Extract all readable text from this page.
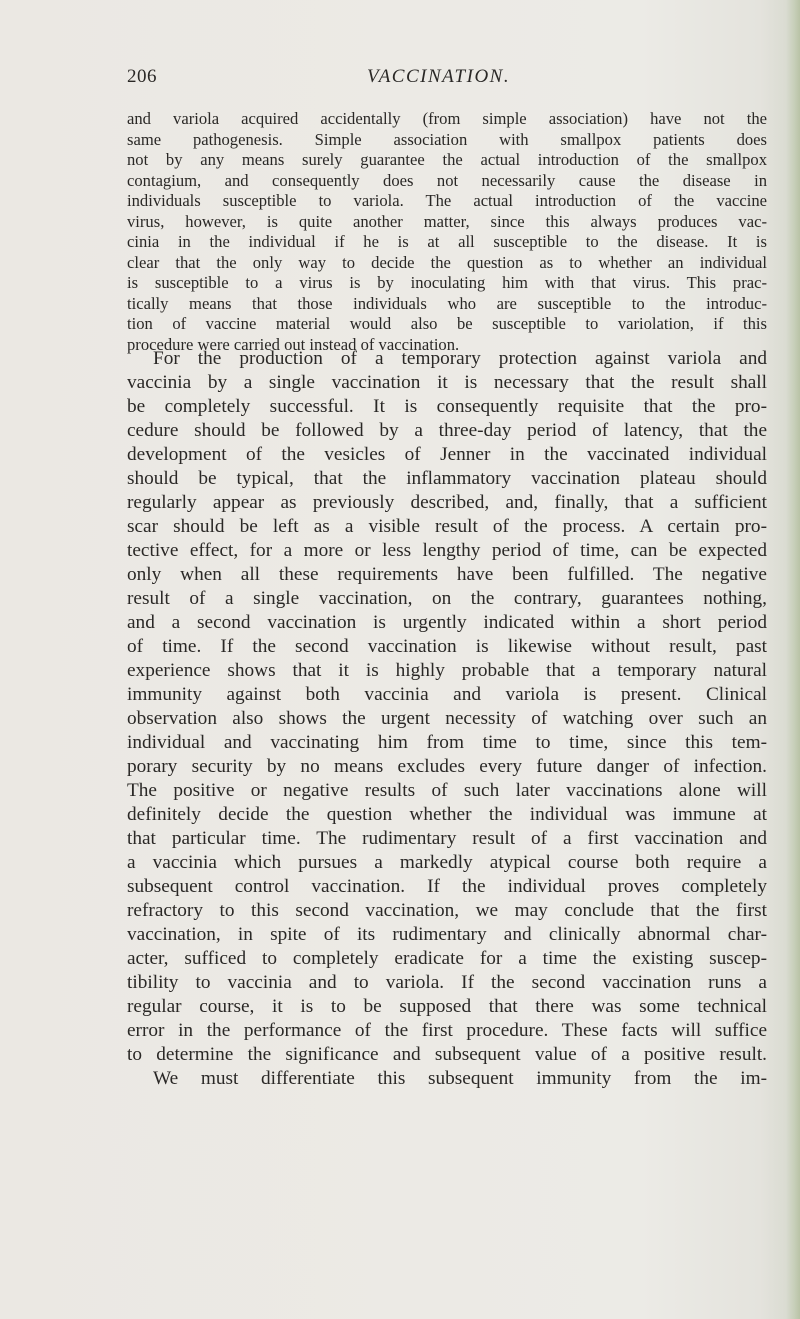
206	VACCINATION.
and variola acquired accidentally (from simple association) have not the
same pathogenesis. Simple association with smallpox patients does
not by any means surely guarantee the actual introduction of the smallpox
contagium, and consequently does not necessarily cause the disease in
individuals susceptible to variola. The actual introduction of the vaccine
virus, however, is quite another matter, since this always produces vac-
cinia in the individual if he is at all susceptible to the disease. It is
clear that the only way to decide the question as to whether an individual
is susceptible to a virus is by inoculating him with that virus. This prac-
tically means that those individuals who are susceptible to the introduc-
tion of vaccine material would also be susceptible to variolation, if this
procedure were carried out instead of vaccination.
For the production of a temporary protection against variola and
vaccinia by a single vaccination it is necessary that the result shall
be completely successful. It is consequently requisite that the pro-
cedure should be followed by a three-day period of latency, that the
development of the vesicles of Jenner in the vaccinated individual
should be typical, that the inflammatory vaccination plateau should
regularly appear as previously described, and, finally, that a sufficient
scar should be left as a visible result of the process. A certain pro-
tective effect, for a more or less lengthy period of time, can be expected
only when all these requirements have been fulfilled. The negative
result of a single vaccination, on the contrary, guarantees nothing,
and a second vaccination is urgently indicated within a short period
of time. If the second vaccination is likewise without result, past
experience shows that it is highly probable that a temporary natural
immunity against both vaccinia and variola is present. Clinical
observation also shows the urgent necessity of watching over such an
individual and vaccinating him from time to time, since this tem-
porary security by no means excludes every future danger of infection.
The positive or negative results of such later vaccinations alone will
definitely decide the question whether the individual was immune at
that particular time. The rudimentary result of a first vaccination and
a vaccinia which pursues a markedly atypical course both require a
subsequent control vaccination. If the individual proves completely
refractory to this second vaccination, we may conclude that the first
vaccination, in spite of its rudimentary and clinically abnormal char-
acter, sufficed to completely eradicate for a time the existing suscep-
tibility to vaccinia and to variola. If the second vaccination runs a
regular course, it is to be supposed that there was some technical
error in the performance of the first procedure. These facts will suffice
to determine the significance and subsequent value of a positive result.
We must differentiate this subsequent immunity from the im-
